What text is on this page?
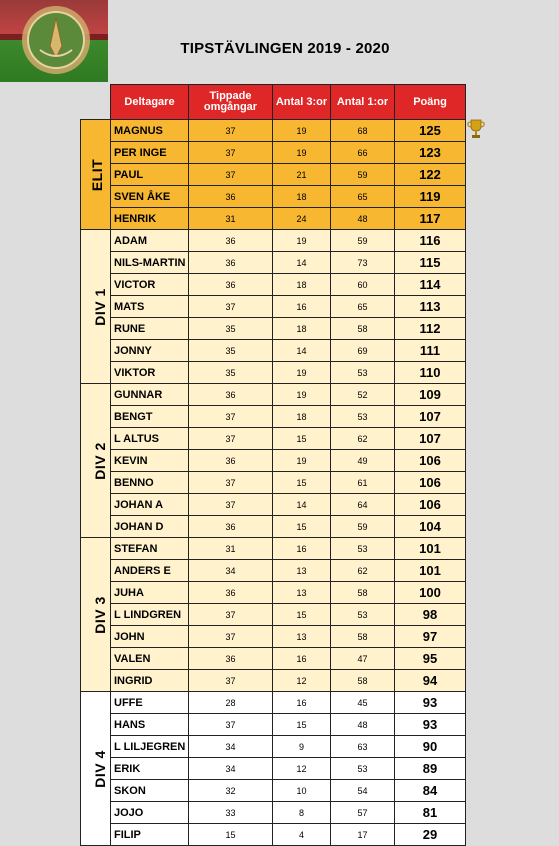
TIPSTÄVLINGEN 2019 - 2020
	Deltagare	Tippade omgångar	Antal 3:or	Antal 1:or	Poäng
ELIT	MAGNUS	37	19	68	125
	PER INGE	37	19	66	123
	PAUL	37	21	59	122
	SVEN ÅKE	36	18	65	119
	HENRIK	31	24	48	117
DIV 1	ADAM	36	19	59	116
	NILS-MARTIN	36	14	73	115
	VICTOR	36	18	60	114
	MATS	37	16	65	113
	RUNE	35	18	58	112
	JONNY	35	14	69	111
	VIKTOR	35	19	53	110
DIV 2	GUNNAR	36	19	52	109
	BENGT	37	18	53	107
	L ALTUS	37	15	62	107
	KEVIN	36	19	49	106
	BENNO	37	15	61	106
	JOHAN A	37	14	64	106
	JOHAN D	36	15	59	104
DIV 3	STEFAN	31	16	53	101
	ANDERS E	34	13	62	101
	JUHA	36	13	58	100
	L LINDGREN	37	15	53	98
	JOHN	37	13	58	97
	VALEN	36	16	47	95
	INGRID	37	12	58	94
DIV 4	UFFE	28	16	45	93
	HANS	37	15	48	93
	L LILJEGREN	34	9	63	90
	ERIK	34	12	53	89
	SKON	32	10	54	84
	JOJO	33	8	57	81
	FILIP	15	4	17	29
